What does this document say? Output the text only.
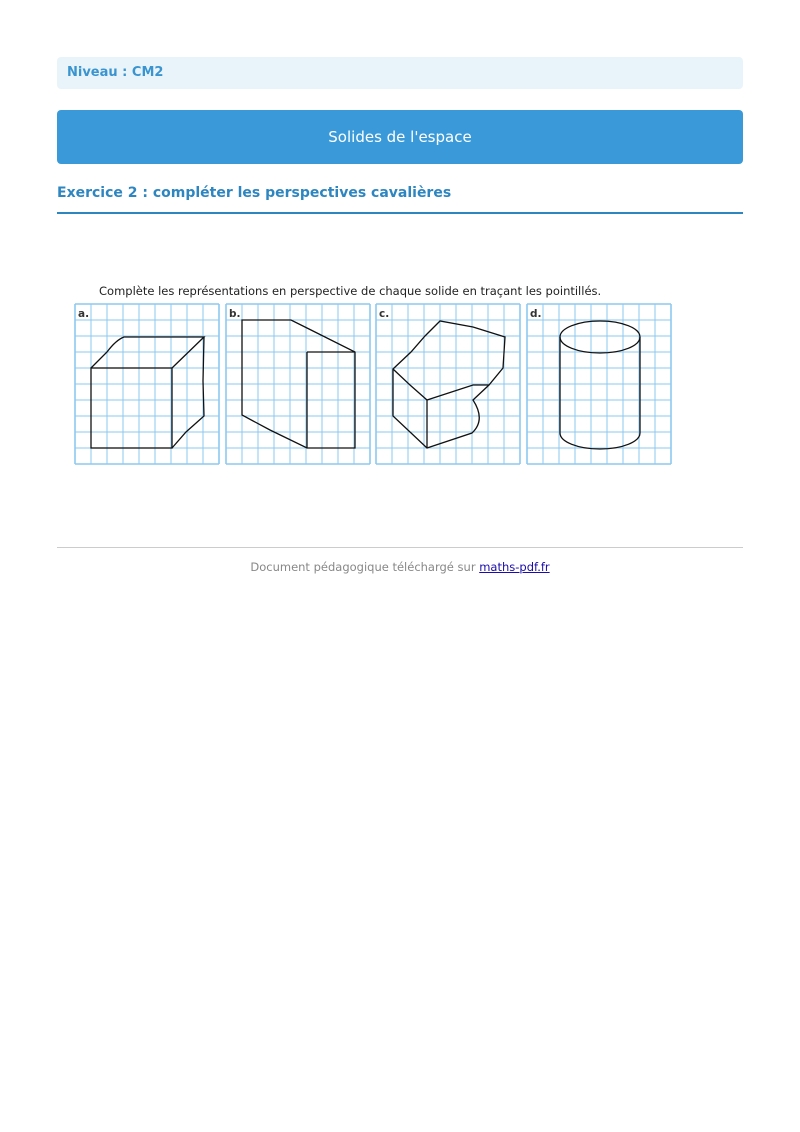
Niveau : CM2
Solides de l'espace
Exercice 2 : compléter les perspectives cavalières
Complète les représentations en perspective de chaque solide en traçant les pointillés.
a.	b.	c.	d.
Document pédagogique téléchargé sur maths-pdf.fr
